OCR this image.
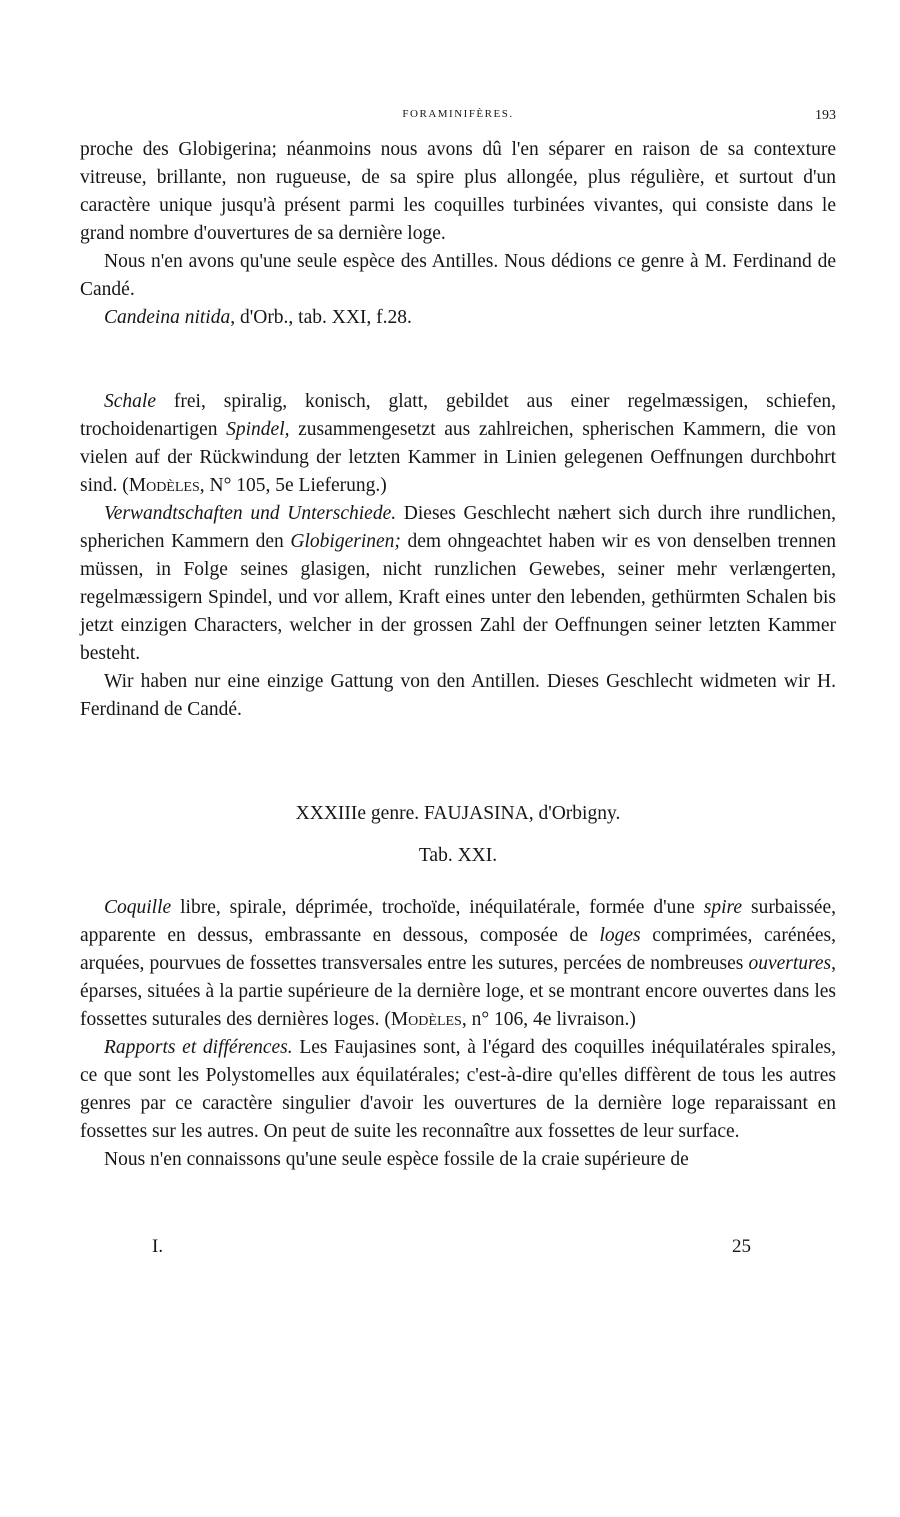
FORAMINIFÈRES.	193

proche des Globigerina; néanmoins nous avons dû l'en séparer en raison de sa contexture vitreuse, brillante, non rugueuse, de sa spire plus allongée, plus régulière, et surtout d'un caractère unique jusqu'à présent parmi les coquilles turbinées vivantes, qui consiste dans le grand nombre d'ouvertures de sa dernière loge.

Nous n'en avons qu'une seule espèce des Antilles. Nous dédions ce genre à M. Ferdinand de Candé.

Candeina nitida, d'Orb., tab. XXI, f.28.

Schale frei, spiralig, konisch, glatt, gebildet aus einer regelmæssigen, schiefen, trochoidenartigen Spindel, zusammengesetzt aus zahlreichen, spherischen Kammern, die von vielen auf der Rückwindung der letzten Kammer in Linien gelegenen Oeffnungen durchbohrt sind. (Modèles, N° 105, 5e Lieferung.)

Verwandtschaften und Unterschiede. Dieses Geschlecht næhert sich durch ihre rundlichen, spherichen Kammern den Globigerinen; dem ohngeachtet haben wir es von denselben trennen müssen, in Folge seines glasigen, nicht runzlichen Gewebes, seiner mehr verlængerten, regelmæssigern Spindel, und vor allem, Kraft eines unter den lebenden, gethürmten Schalen bis jetzt einzigen Characters, welcher in der grossen Zahl der Oeffnungen seiner letzten Kammer besteht.

Wir haben nur eine einzige Gattung von den Antillen. Dieses Geschlecht widmeten wir H. Ferdinand de Candé.

XXXIIIe genre. FAUJASINA, d'Orbigny.
Tab. XXI.

Coquille libre, spirale, déprimée, trochoïde, inéquilatérale, formée d'une spire surbaissée, apparente en dessus, embrassante en dessous, composée de loges comprimées, carénées, arquées, pourvues de fossettes transversales entre les sutures, percées de nombreuses ouvertures, éparses, situées à la partie supérieure de la dernière loge, et se montrant encore ouvertes dans les fossettes suturales des dernières loges. (Modèles, n° 106, 4e livraison.)

Rapports et différences. Les Faujasines sont, à l'égard des coquilles inéquilatérales spirales, ce que sont les Polystomelles aux équilatérales; c'est-à-dire qu'elles diffèrent de tous les autres genres par ce caractère singulier d'avoir les ouvertures de la dernière loge reparaissant en fossettes sur les autres. On peut de suite les reconnaître aux fossettes de leur surface.

Nous n'en connaissons qu'une seule espèce fossile de la craie supérieure de

I.	25
